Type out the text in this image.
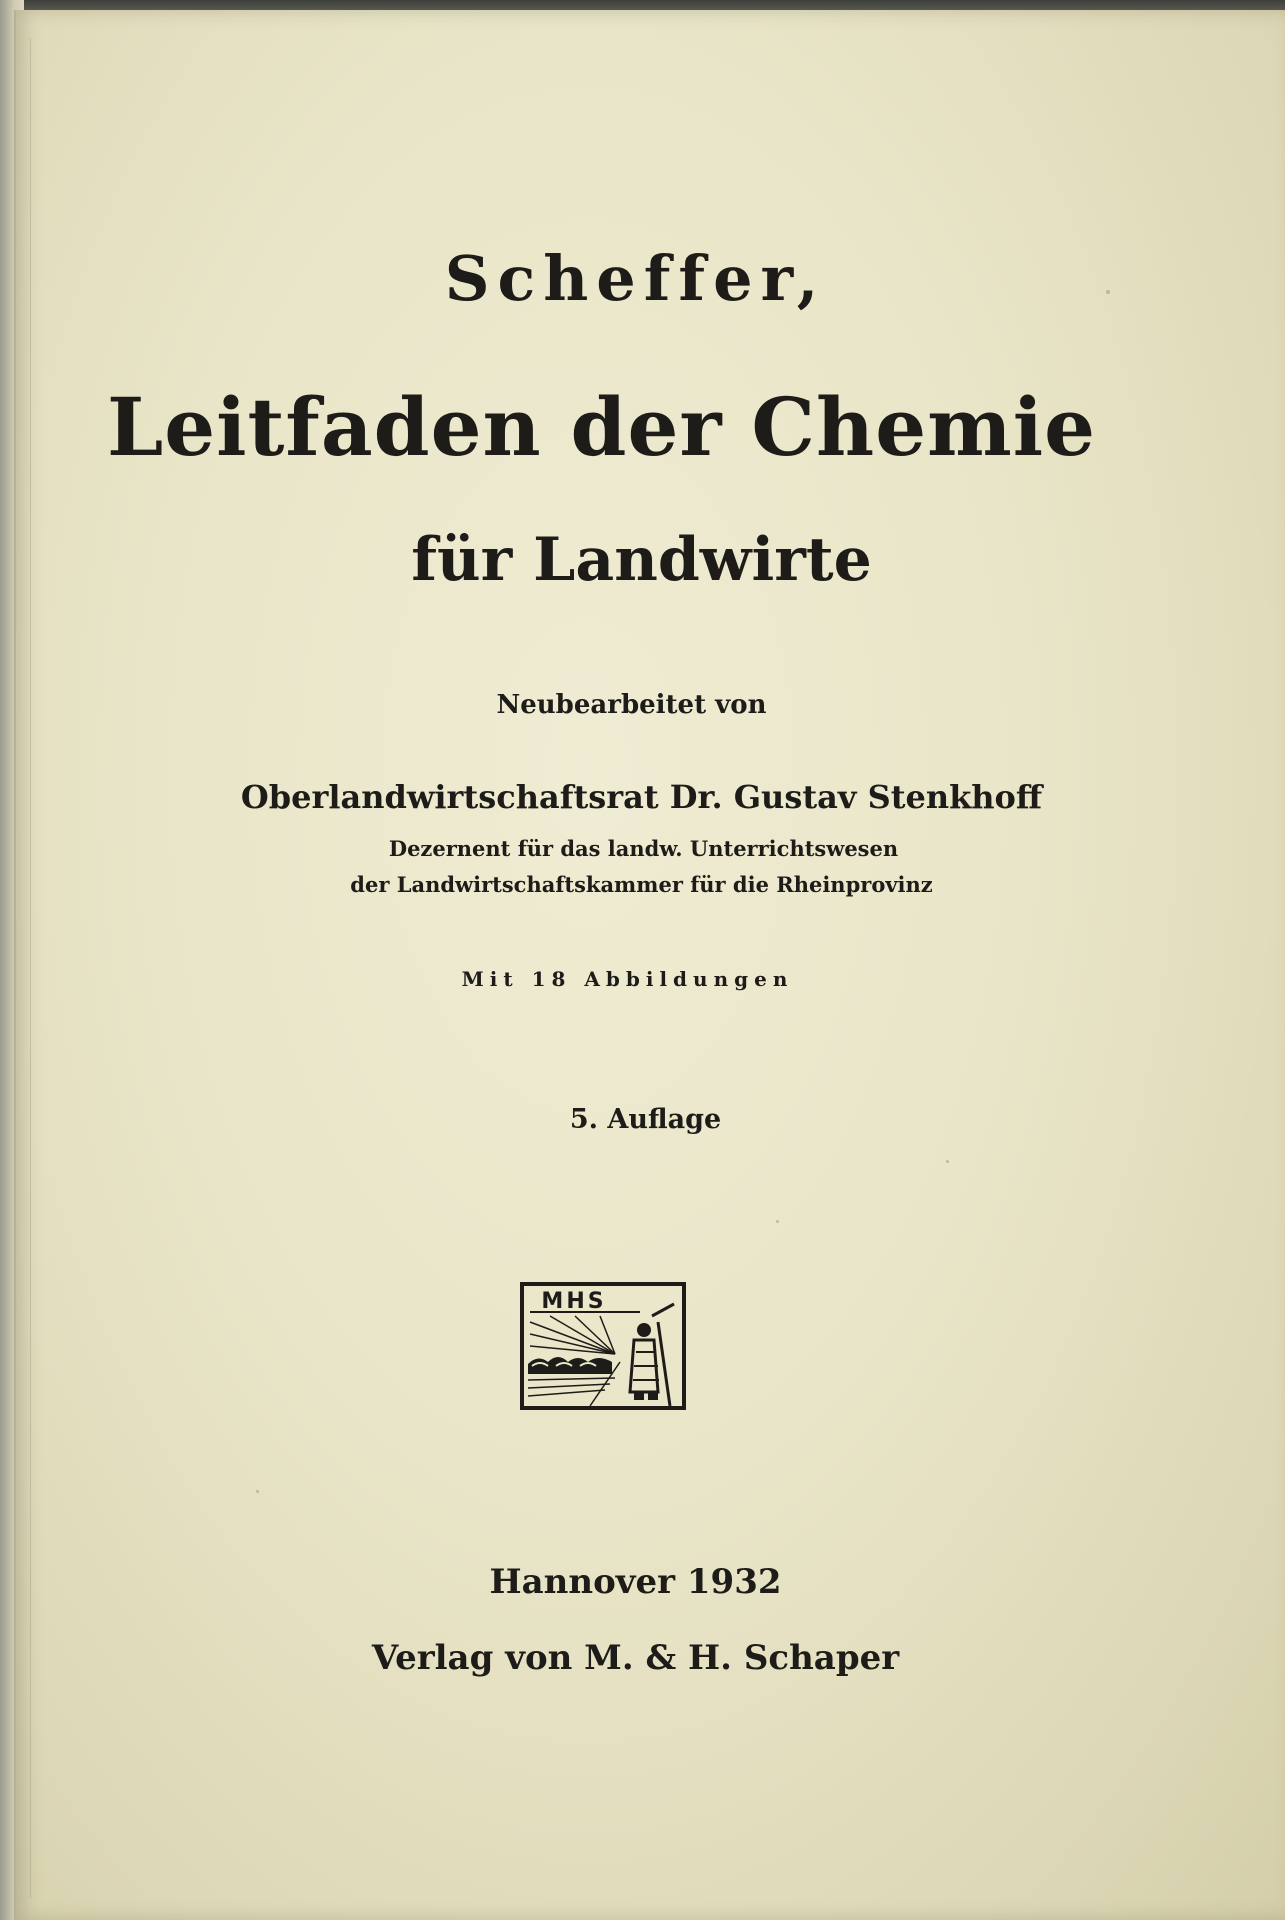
Scheffer,
Leitfaden der Chemie
für Landwirte
Neubearbeitet von
Oberlandwirtschaftsrat Dr. Gustav Stenkhoff
Dezernent für das landw. Unterrichtswesen
der Landwirtschaftskammer für die Rheinprovinz
Mit 18 Abbildungen
5. Auflage
MHS
Hannover 1932
Verlag von M. & H. Schaper
